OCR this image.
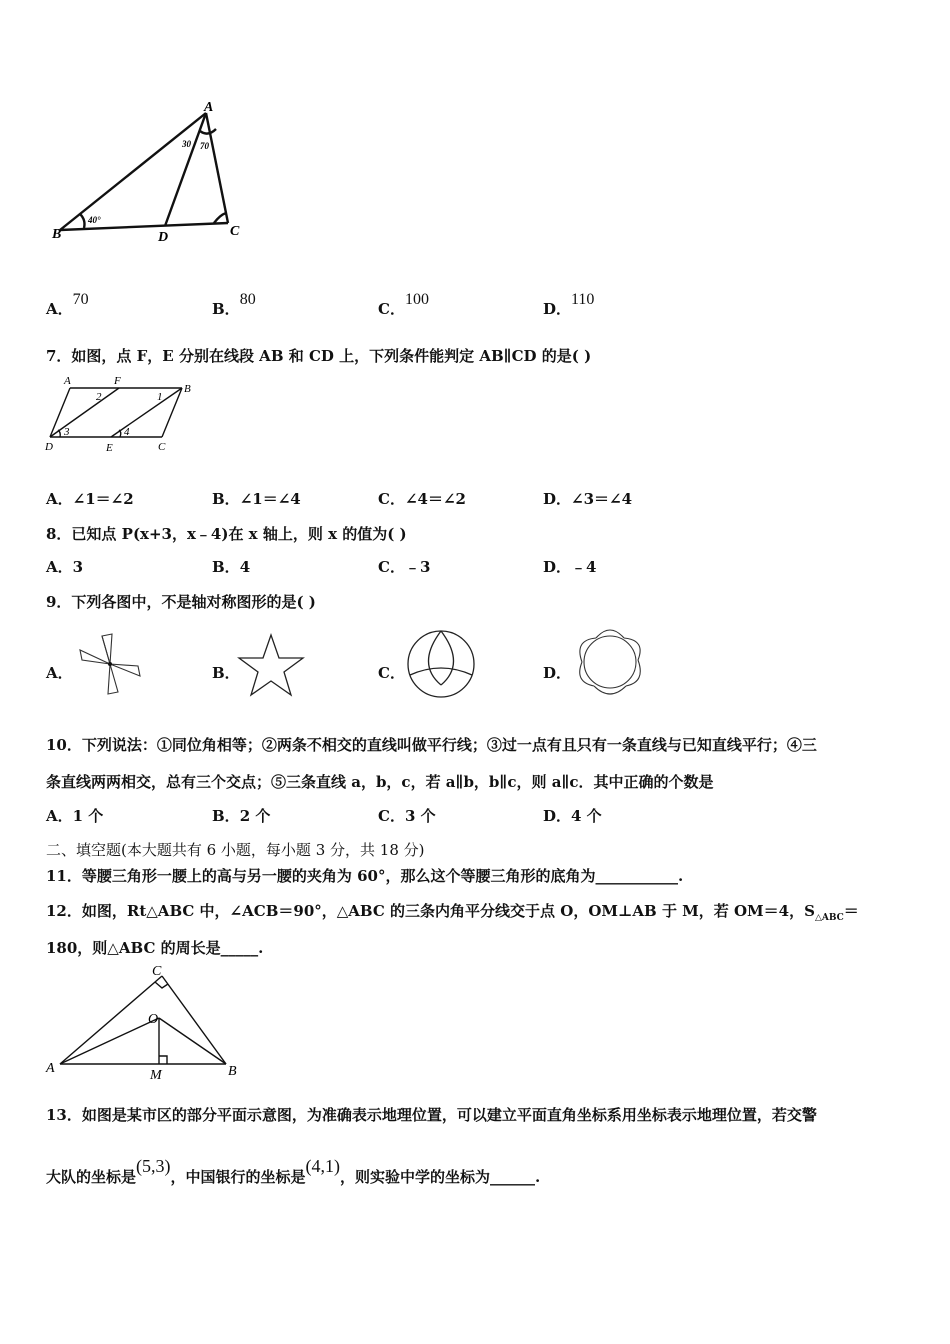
A
B	D	C
40°
30 70
A．70
B．80
C．100
D．110
7．如图，点 F，E 分别在线段 AB 和 CD 上，下列条件能判定 AB∥CD 的是( )
A	F
B
D	E	C
1
2
3	4
A．∠1＝∠2	B．∠1＝∠4	C．∠4＝∠2	D．∠3＝∠4
8．已知点 P(x+3，x﹣4)在 x 轴上，则 x 的值为( )
A．3	B．4	C．﹣3	D．﹣4
9．下列各图中，不是轴对称图形的是( )
A．	B．	C．	D．
10．下列说法：①同位角相等；②两条不相交的直线叫做平行线；③过一点有且只有一条直线与已知直线平行；④三
条直线两两相交，总有三个交点；⑤三条直线 a，b，c，若 a∥b，b∥c，则 a∥c．其中正确的个数是
A．1 个	B．2 个	C．3 个	D．4 个
二、填空题(本大题共有 6 小题，每小题 3 分，共 18 分)
11．等腰三角形一腰上的高与另一腰的夹角为 60°，那么这个等腰三角形的底角为___________.
12．如图，Rt△ABC 中，∠ACB＝90°，△ABC 的三条内角平分线交于点 O，OM⊥AB 于 M，若 OM＝4，$S_{\triangle ABC}=$
180，则△ABC 的周长是_____.
C
O
A	M	B
13．如图是某市区的部分平面示意图，为准确表示地理位置，可以建立平面直角坐标系用坐标表示地理位置，若交警
大队的坐标是(5,3)，中国银行的坐标是(4,1)，则实验中学的坐标为______.
